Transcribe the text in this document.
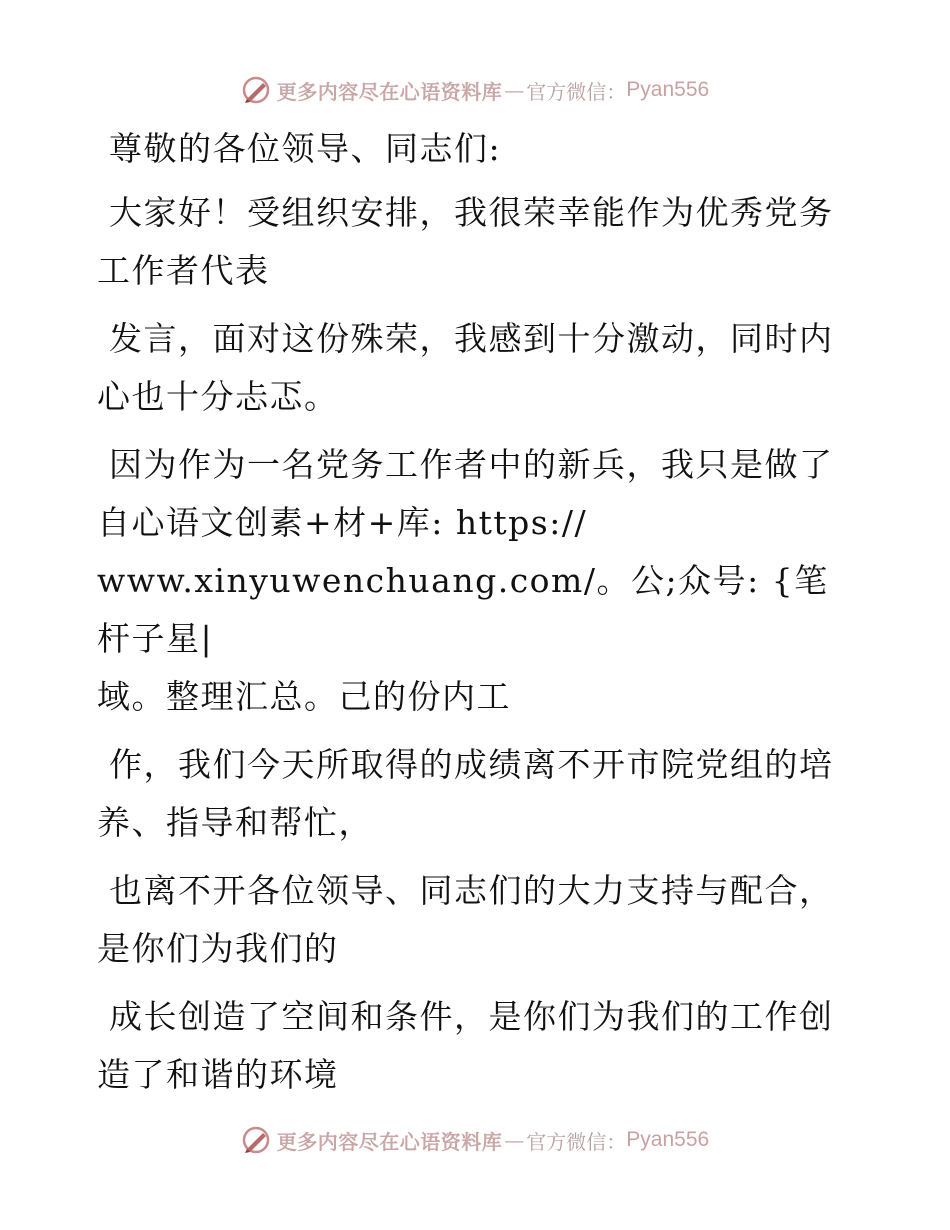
更多内容尽在心语资料库 — 官方微信： Pyan556

尊敬的各位领导、同志们:

大家好！受组织安排，我很荣幸能作为优秀党务
工作者代表

发言，面对这份殊荣，我感到十分激动，同时内
心也十分忐忑。

因为作为一名党务工作者中的新兵，我只是做了
自心语文创素+材+库: https://
www.xinyuwenchuang.com/。公;众号: {笔杆子星|
域。整理汇总。己的份内工

作，我们今天所取得的成绩离不开市院党组的培
养、指导和帮忙，

也离不开各位领导、同志们的大力支持与配合，
是你们为我们的

成长创造了空间和条件，是你们为我们的工作创
造了和谐的环境

更多内容尽在心语资料库 — 官方微信： Pyan556
